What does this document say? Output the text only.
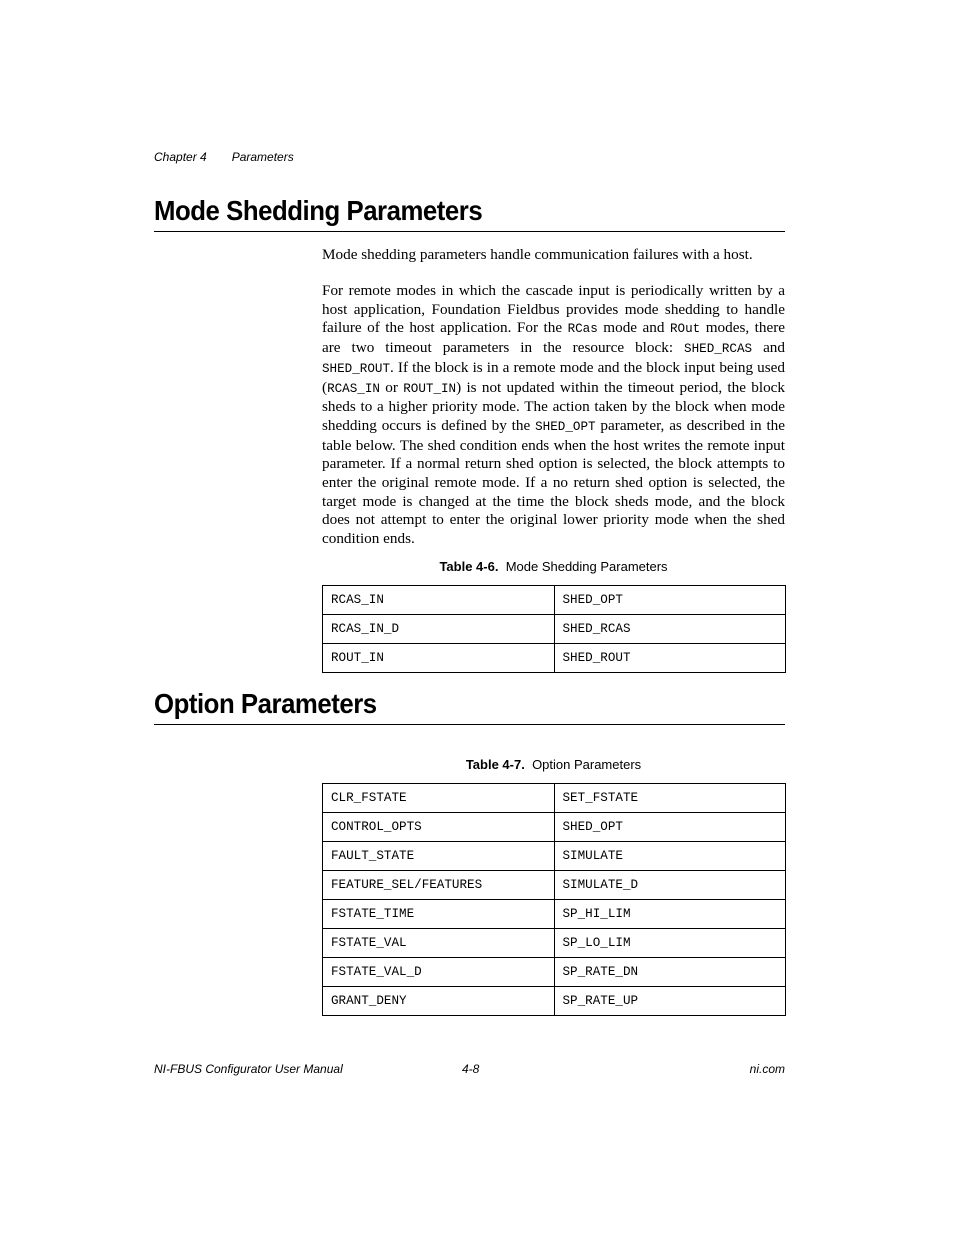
Chapter 4 Parameters
Mode Shedding Parameters
Mode shedding parameters handle communication failures with a host.
For remote modes in which the cascade input is periodically written by a host application, Foundation Fieldbus provides mode shedding to handle failure of the host application. For the RCas mode and ROut modes, there are two timeout parameters in the resource block: SHED_RCAS and SHED_ROUT. If the block is in a remote mode and the block input being used (RCAS_IN or ROUT_IN) is not updated within the timeout period, the block sheds to a higher priority mode. The action taken by the block when mode shedding occurs is defined by the SHED_OPT parameter, as described in the table below. The shed condition ends when the host writes the remote input parameter. If a normal return shed option is selected, the block attempts to enter the original remote mode. If a no return shed option is selected, the target mode is changed at the time the block sheds mode, and the block does not attempt to enter the original lower priority mode when the shed condition ends.
Table 4-6. Mode Shedding Parameters
RCAS_IN	SHED_OPT
RCAS_IN_D	SHED_RCAS
ROUT_IN	SHED_ROUT
Option Parameters
Table 4-7. Option Parameters
CLR_FSTATE	SET_FSTATE
CONTROL_OPTS	SHED_OPT
FAULT_STATE	SIMULATE
FEATURE_SEL/FEATURES	SIMULATE_D
FSTATE_TIME	SP_HI_LIM
FSTATE_VAL	SP_LO_LIM
FSTATE_VAL_D	SP_RATE_DN
GRANT_DENY	SP_RATE_UP
NI-FBUS Configurator User Manual	4-8	ni.com
